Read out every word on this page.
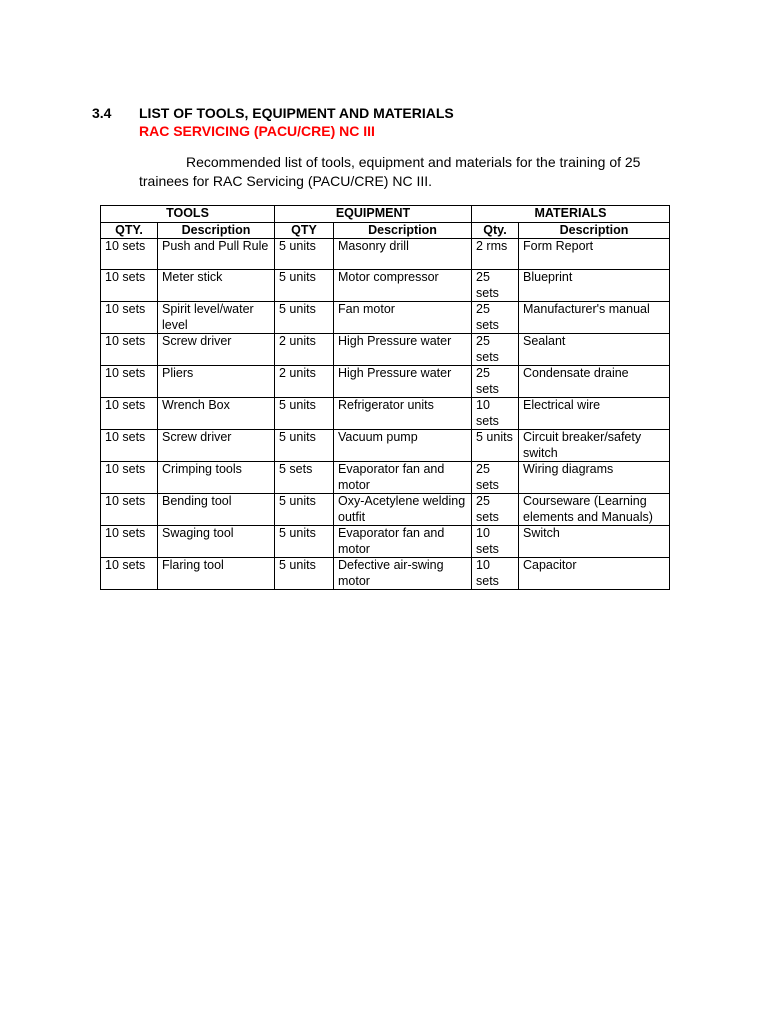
3.4 LIST OF TOOLS, EQUIPMENT AND MATERIALS
RAC SERVICING (PACU/CRE) NC III
Recommended list of tools, equipment and materials for the training of 25 trainees for RAC Servicing (PACU/CRE) NC III.
TOOLS		EQUIPMENT		MATERIALS	
QTY.	Description	QTY	Description	Qty.	Description
10 sets	Push and Pull Rule	5 units	Masonry drill	2 rms	Form Report
10 sets	Meter stick	5 units	Motor compressor	25 sets	Blueprint
10 sets	Spirit level/water level	5 units	Fan motor	25 sets	Manufacturer's manual
10 sets	Screw driver	2 units	High Pressure water	25 sets	Sealant
10 sets	Pliers	2 units	High Pressure water	25 sets	Condensate draine
10 sets	Wrench Box	5 units	Refrigerator units	10 sets	Electrical wire
10 sets	Screw driver	5 units	Vacuum pump	5 units	Circuit breaker/safety switch
10 sets	Crimping tools	5 sets	Evaporator fan and motor	25 sets	Wiring diagrams
10 sets	Bending tool	5 units	Oxy-Acetylene welding outfit	25 sets	Courseware (Learning elements and Manuals)
10 sets	Swaging tool	5 units	Evaporator fan and motor	10 sets	Switch
10 sets	Flaring tool	5 units	Defective air-swing motor	10 sets	Capacitor
